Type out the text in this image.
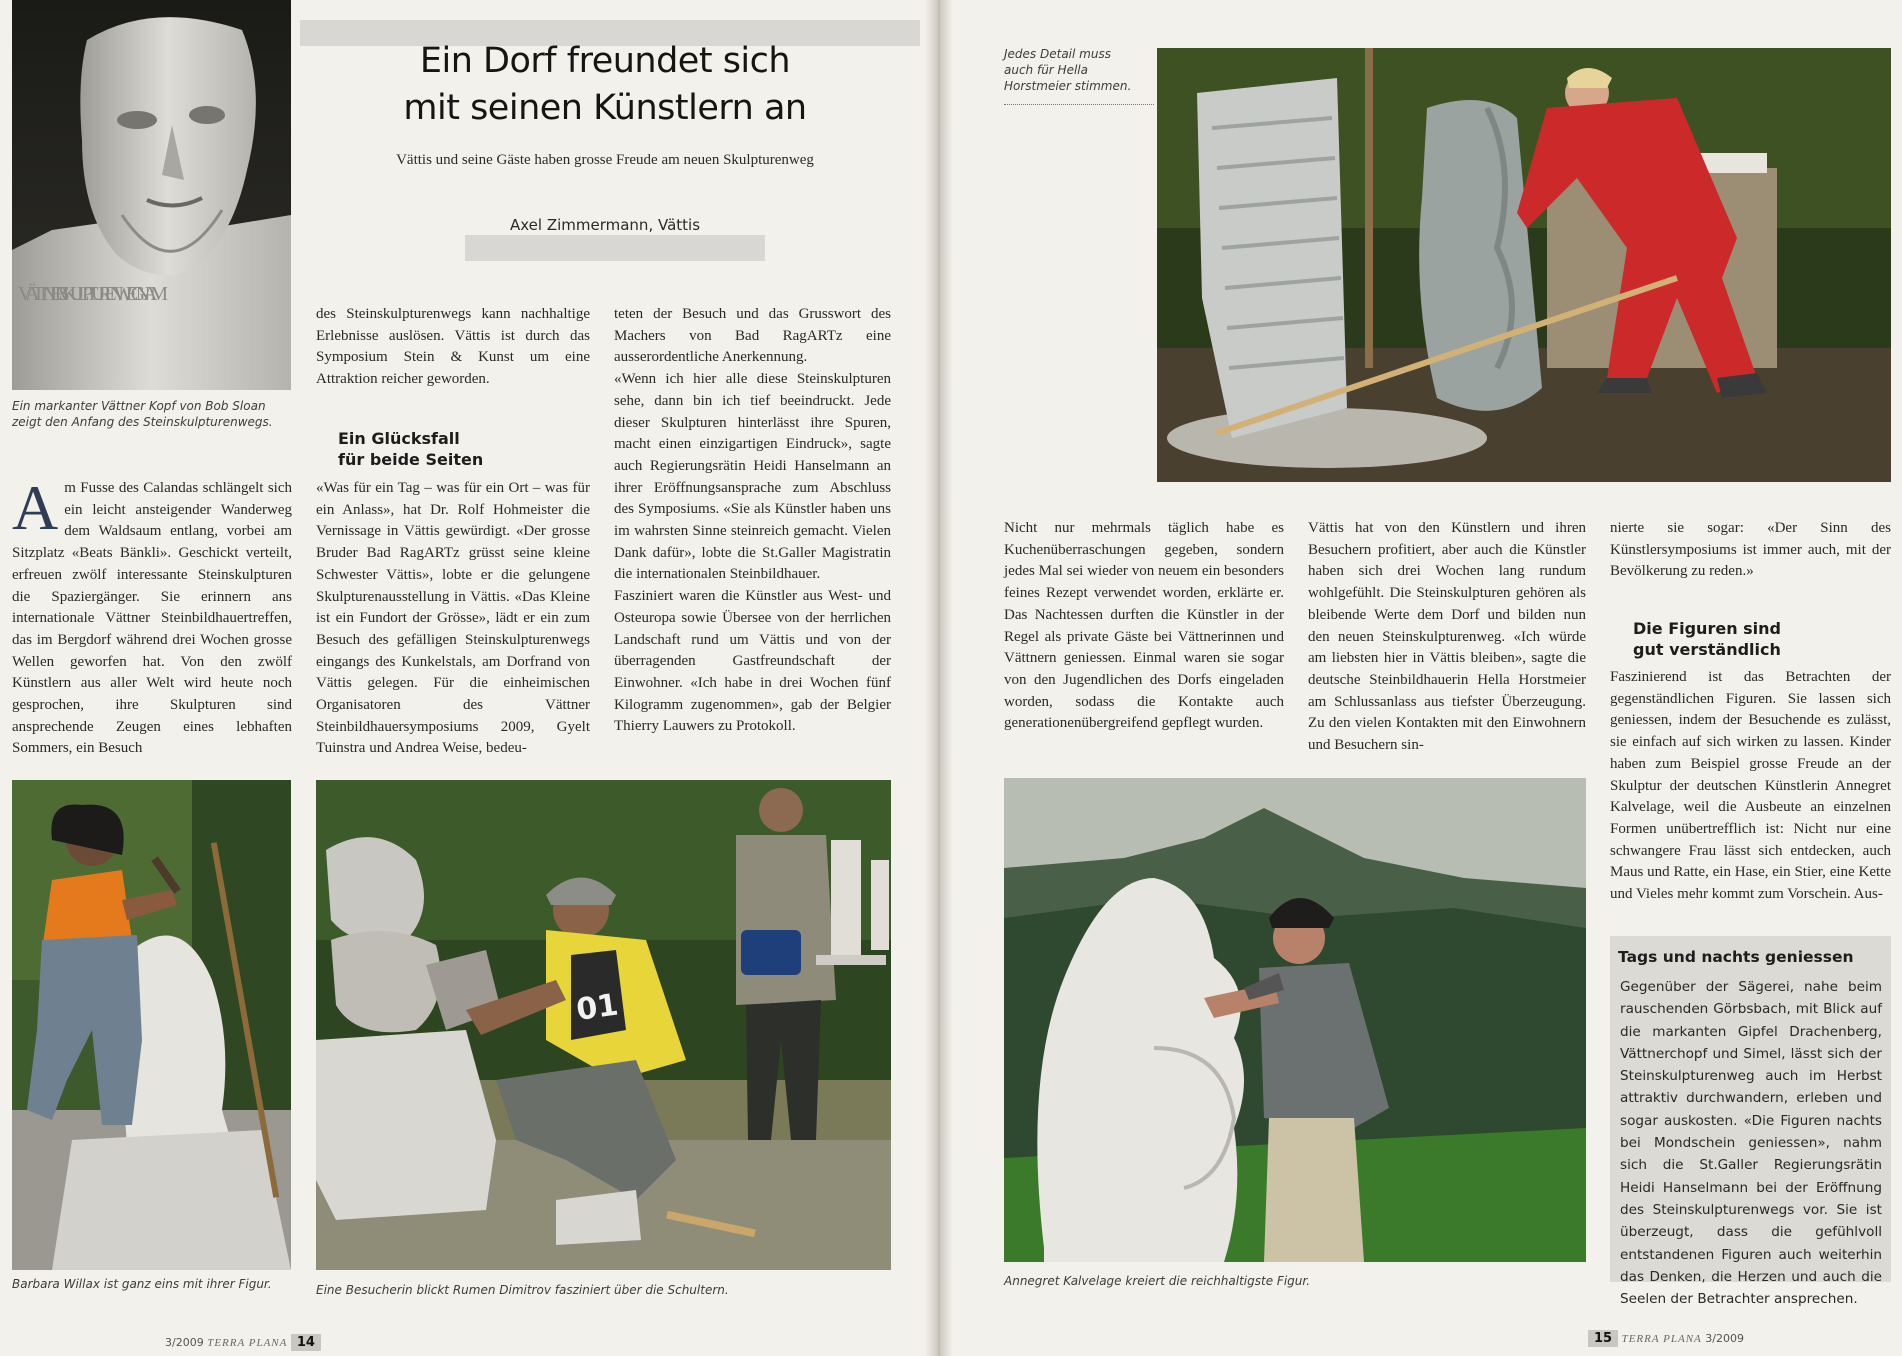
VÄTTNER SKULPTUREN WEG NAM
Ein markanter Vättner Kopf von Bob Sloan zeigt den Anfang des Steinskulpturenwegs.
Ein Dorf freundet sich
mit seinen Künstlern an
Vättis und seine Gäste haben grosse Freude am neuen Skulpturenweg
Axel Zimmermann, Vättis
Am Fusse des Calandas schlängelt sich ein leicht ansteigender Wanderweg dem Waldsaum entlang, vorbei am Sitzplatz «Beats Bänkli». Geschickt verteilt, erfreuen zwölf interessante Steinskulpturen die Spaziergänger. Sie erinnern ans internationale Vättner Steinbildhauertreffen, das im Bergdorf während drei Wochen grosse Wellen geworfen hat. Von den zwölf Künstlern aus aller Welt wird heute noch gesprochen, ihre Skulpturen sind ansprechende Zeugen eines lebhaften Sommers, ein Besuch

des Steinskulpturenwegs kann nachhaltige Erlebnisse auslösen. Vättis ist durch das Symposium Stein & Kunst um eine Attraktion reicher geworden.

Ein Glücksfall
für beide Seiten

«Was für ein Tag – was für ein Ort – was für ein Anlass», hat Dr. Rolf Hohmeister die Vernissage in Vättis gewürdigt. «Der grosse Bruder Bad RagARTz grüsst seine kleine Schwester Vättis», lobte er die gelungene Skulpturenausstellung in Vättis. «Das Kleine ist ein Fundort der Grösse», lädt er ein zum Besuch des gefälligen Steinskulpturenwegs eingangs des Kunkelstals, am Dorfrand von Vättis gelegen. Für die einheimischen Organisatoren des Vättner Steinbildhauersymposiums 2009, Gyelt Tuinstra und Andrea Weise, bedeu-

teten der Besuch und das Grusswort des Machers von Bad RagARTz eine ausserordentliche Anerkennung.

«Wenn ich hier alle diese Steinskulpturen sehe, dann bin ich tief beeindruckt. Jede dieser Skulpturen hinterlässt ihre Spuren, macht einen einzigartigen Eindruck», sagte auch Regierungsrätin Heidi Hanselmann an ihrer Eröffnungsansprache zum Abschluss des Symposiums. «Sie als Künstler haben uns im wahrsten Sinne steinreich gemacht. Vielen Dank dafür», lobte die St.Galler Magistratin die internationalen Steinbildhauer.

Fasziniert waren die Künstler aus West- und Osteuropa sowie Übersee von der herrlichen Landschaft rund um Vättis und von der überragenden Gastfreundschaft der Einwohner. «Ich habe in drei Wochen fünf Kilogramm zugenommen», gab der Belgier Thierry Lauwers zu Protokoll.

Barbara Willax ist ganz eins mit ihrer Figur.
01
Eine Besucherin blickt Rumen Dimitrov fasziniert über die Schultern.
3/2009 TERRA PLANA 14
Jedes Detail muss auch für Hella Horstmeier stimmen.

Nicht nur mehrmals täglich habe es Kuchenüberraschungen gegeben, sondern jedes Mal sei wieder von neuem ein besonders feines Rezept verwendet worden, erklärte er. Das Nachtessen durften die Künstler in der Regel als private Gäste bei Vättnerinnen und Vättnern geniessen. Einmal waren sie sogar von den Jugendlichen des Dorfs eingeladen worden, sodass die Kontakte auch generationenübergreifend gepflegt wurden.

Vättis hat von den Künstlern und ihren Besuchern profitiert, aber auch die Künstler haben sich drei Wochen lang rundum wohlgefühlt. Die Steinskulpturen gehören als bleibende Werte dem Dorf und bilden nun den neuen Steinskulpturenweg. «Ich würde am liebsten hier in Vättis bleiben», sagte die deutsche Steinbildhauerin Hella Horstmeier am Schlussanlass aus tiefster Überzeugung. Zu den vielen Kontakten mit den Einwohnern und Besuchern sin-

nierte sie sogar: «Der Sinn des Künstlersymposiums ist immer auch, mit der Bevölkerung zu reden.»

Die Figuren sind
gut verständlich

Faszinierend ist das Betrachten der gegenständlichen Figuren. Sie lassen sich geniessen, indem der Besuchende es zulässt, sie einfach auf sich wirken zu lassen. Kinder haben zum Beispiel grosse Freude an der Skulptur der deutschen Künstlerin Annegret Kalvelage, weil die Ausbeute an einzelnen Formen unübertrefflich ist: Nicht nur eine schwangere Frau lässt sich entdecken, auch Maus und Ratte, ein Hase, ein Stier, eine Kette und Vieles mehr kommt zum Vorschein. Aus-

Annegret Kalvelage kreiert die reichhaltigste Figur.
Tags und nachts geniessen
Gegenüber der Sägerei, nahe beim rauschenden Görbsbach, mit Blick auf die markanten Gipfel Drachenberg, Vättnerchopf und Simel, lässt sich der Steinskulpturenweg auch im Herbst attraktiv durchwandern, erleben und sogar auskosten. «Die Figuren nachts bei Mondschein geniessen», nahm sich die St.Galler Regierungsrätin Heidi Hanselmann bei der Eröffnung des Steinskulpturenwegs vor. Sie ist überzeugt, dass die gefühlvoll entstandenen Figuren auch weiterhin das Denken, die Herzen und auch die Seelen der Betrachter ansprechen.
15 TERRA PLANA 3/2009
